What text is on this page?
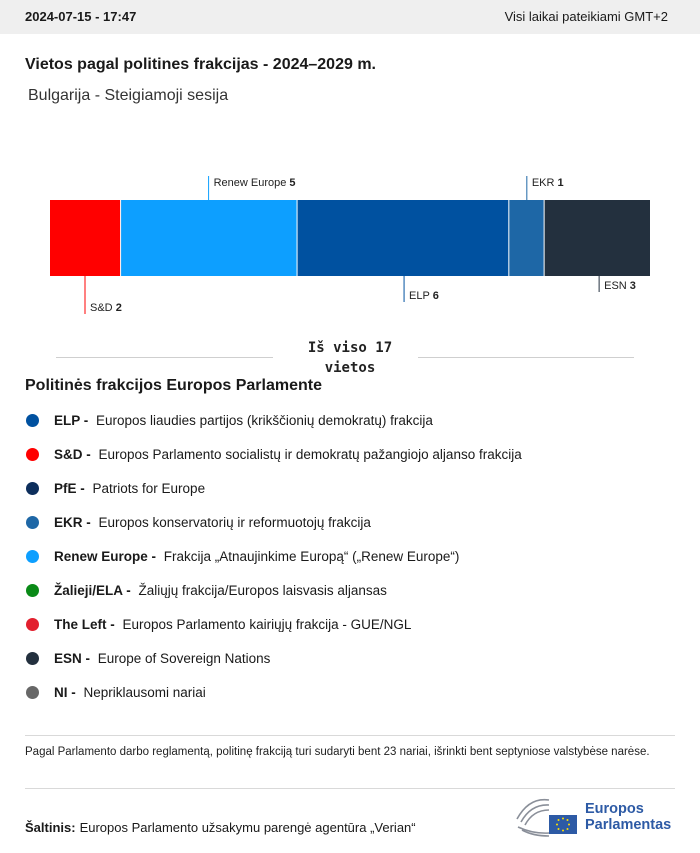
2024-07-15 - 17:47	Visi laikai pateikiami GMT+2
Vietos pagal politines frakcijas - 2024–2029 m.
Bulgarija - Steigiamoji sesija
S&D 2
Renew Europe 5
ELP 6
EKR 1
ESN 3
Iš viso 17
vietos
Politinės frakcijos Europos Parlamente
ELP - Europos liaudies partijos (krikščionių demokratų) frakcija
S&D - Europos Parlamento socialistų ir demokratų pažangiojo aljanso frakcija
PfE - Patriots for Europe
EKR - Europos konservatorių ir reformuotojų frakcija
Renew Europe - Frakcija „Atnaujinkime Europą“ („Renew Europe“)
Žalieji/ELA - Žaliųjų frakcija/Europos laisvasis aljansas
The Left - Europos Parlamento kairiųjų frakcija - GUE/NGL
ESN - Europe of Sovereign Nations
NI - Nepriklausomi nariai
Pagal Parlamento darbo reglamentą, politinę frakciją turi sudaryti bent 23 nariai, išrinkti bent septyniose valstybėse narėse.
Šaltinis: Europos Parlamento užsakymu parengė agentūra „Verian“
Europos
Parlamentas
